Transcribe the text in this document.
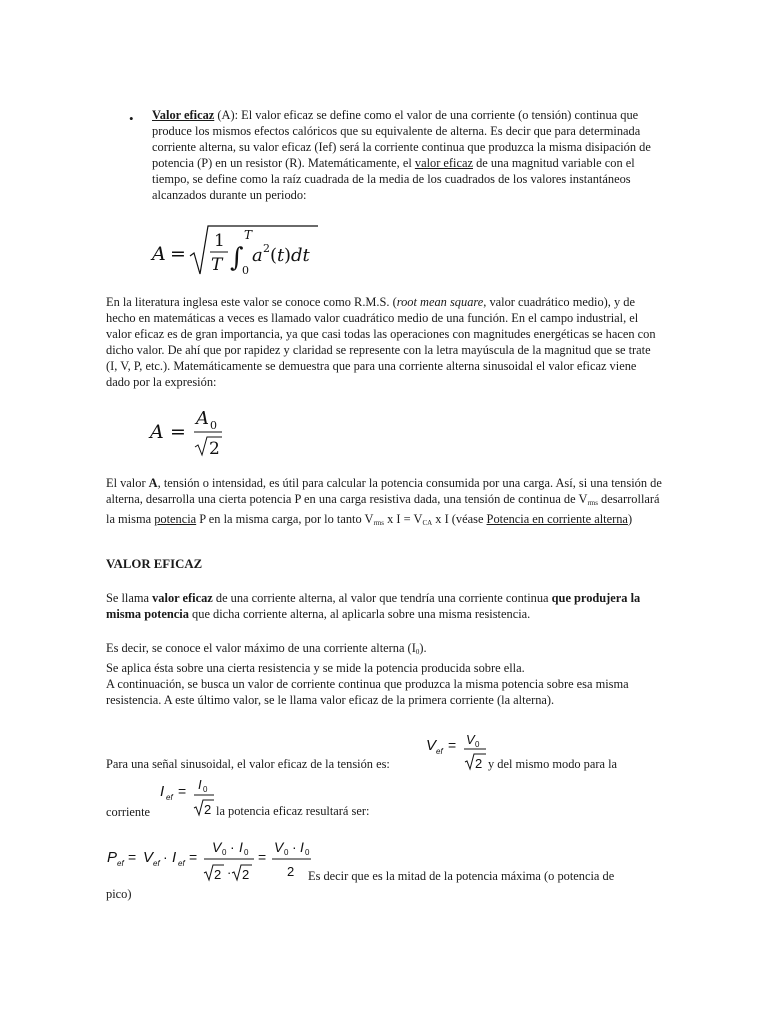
• Valor eficaz (A): El valor eficaz se define como el valor de una corriente (o tensión) continua que produce los mismos efectos calóricos que su equivalente de alterna. Es decir que para determinada corriente alterna, su valor eficaz (Ief) será la corriente continua que produzca la misma disipación de potencia (P) en un resistor (R). Matemáticamente, el valor eficaz de una magnitud variable con el tiempo, se define como la raíz cuadrada de la media de los cuadrados de los valores instantáneos alcanzados durante un periodo:
A =
1
T ∫
T
0
a 2 ( t ) dt
En la literatura inglesa este valor se conoce como R.M.S. (root mean square, valor cuadrático medio), y de hecho en matemáticas a veces es llamado valor cuadrático medio de una función. En el campo industrial, el valor eficaz es de gran importancia, ya que casi todas las operaciones con magnitudes energéticas se hacen con dicho valor. De ahí que por rapidez y claridad se represente con la letra mayúscula de la magnitud que se trate (I, V, P, etc.). Matemáticamente se demuestra que para una corriente alterna sinusoidal el valor eficaz viene dado por la expresión:
A =
A 0
2
El valor A, tensión o intensidad, es útil para calcular la potencia consumida por una carga. Así, si una tensión de alterna, desarrolla una cierta potencia P en una carga resistiva dada, una tensión de continua de $V_{rms}$ desarrollará la misma potencia P en la misma carga, por lo tanto $V_{rms}$ x $I = V_{CA}$ x I (véase Potencia en corriente alterna)
VALOR EFICAZ
Se llama valor eficaz de una corriente alterna, al valor que tendría una corriente continua que produjera la misma potencia que dicha corriente alterna, al aplicarla sobre una misma resistencia.
Es decir, se conoce el valor máximo de una corriente alterna $(I_0)$.
Se aplica ésta sobre una cierta resistencia y se mide la potencia producida sobre ella.
A continuación, se busca un valor de corriente continua que produzca la misma potencia sobre esa misma resistencia. A este último valor, se le llama valor eficaz de la primera corriente (la alterna).
Para una señal sinusoidal, el valor eficaz de la tensión es:
V ef = V 0
2 y del mismo modo para la
corriente
I ef = I 0
2 la potencia eficaz resultará ser:
P ef = V ef · I ef =
V 0 · I 0
2 · 2
=
V 0 · I 0
2 Es decir que es la mitad de la potencia máxima (o potencia de
pico)
